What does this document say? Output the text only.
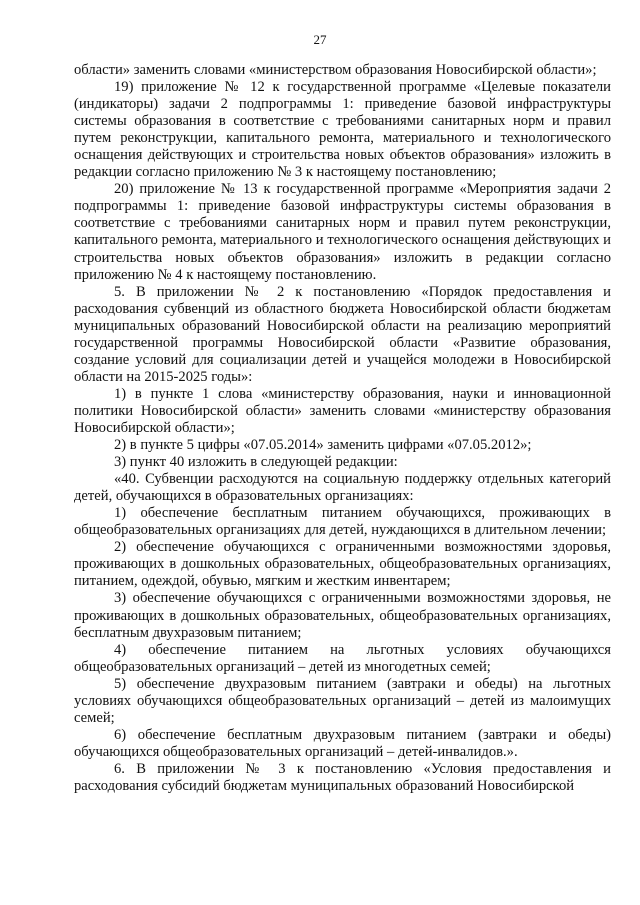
27

области» заменить словами «министерством образования Новосибирской области»;

19) приложение № 12 к государственной программе «Целевые показатели (индикаторы) задачи 2 подпрограммы 1: приведение базовой инфраструктуры системы образования в соответствие с требованиями санитарных норм и правил путем реконструкции, капитального ремонта, материального и технологического оснащения действующих и строительства новых объектов образования» изложить в редакции согласно приложению № 3 к настоящему постановлению;

20) приложение № 13 к государственной программе «Мероприятия задачи 2 подпрограммы 1: приведение базовой инфраструктуры системы образования в соответствие с требованиями санитарных норм и правил путем реконструкции, капитального ремонта, материального и технологического оснащения действующих и строительства новых объектов образования» изложить в редакции согласно приложению № 4 к настоящему постановлению.

5. В приложении № 2 к постановлению «Порядок предоставления и расходования субвенций из областного бюджета Новосибирской области бюджетам муниципальных образований Новосибирской области на реализацию мероприятий государственной программы Новосибирской области «Развитие образования, создание условий для социализации детей и учащейся молодежи в Новосибирской области на 2015-2025 годы»:

1) в пункте 1 слова «министерству образования, науки и инновационной политики Новосибирской области» заменить словами «министерству образования Новосибирской области»;

2) в пункте 5 цифры «07.05.2014» заменить цифрами «07.05.2012»;

3) пункт 40 изложить в следующей редакции:

«40. Субвенции расходуются на социальную поддержку отдельных категорий детей, обучающихся в образовательных организациях:

1) обеспечение бесплатным питанием обучающихся, проживающих в общеобразовательных организациях для детей, нуждающихся в длительном лечении;

2) обеспечение обучающихся с ограниченными возможностями здоровья, проживающих в дошкольных образовательных, общеобразовательных организациях, питанием, одеждой, обувью, мягким и жестким инвентарем;

3) обеспечение обучающихся с ограниченными возможностями здоровья, не проживающих в дошкольных образовательных, общеобразовательных организациях, бесплатным двухразовым питанием;

4) обеспечение питанием на льготных условиях обучающихся общеобразовательных организаций – детей из многодетных семей;

5) обеспечение двухразовым питанием (завтраки и обеды) на льготных условиях обучающихся общеобразовательных организаций – детей из малоимущих семей;

6) обеспечение бесплатным двухразовым питанием (завтраки и обеды) обучающихся общеобразовательных организаций – детей-инвалидов.».

6. В приложении № 3 к постановлению «Условия предоставления и расходования субсидий бюджетам муниципальных образований Новосибирской
